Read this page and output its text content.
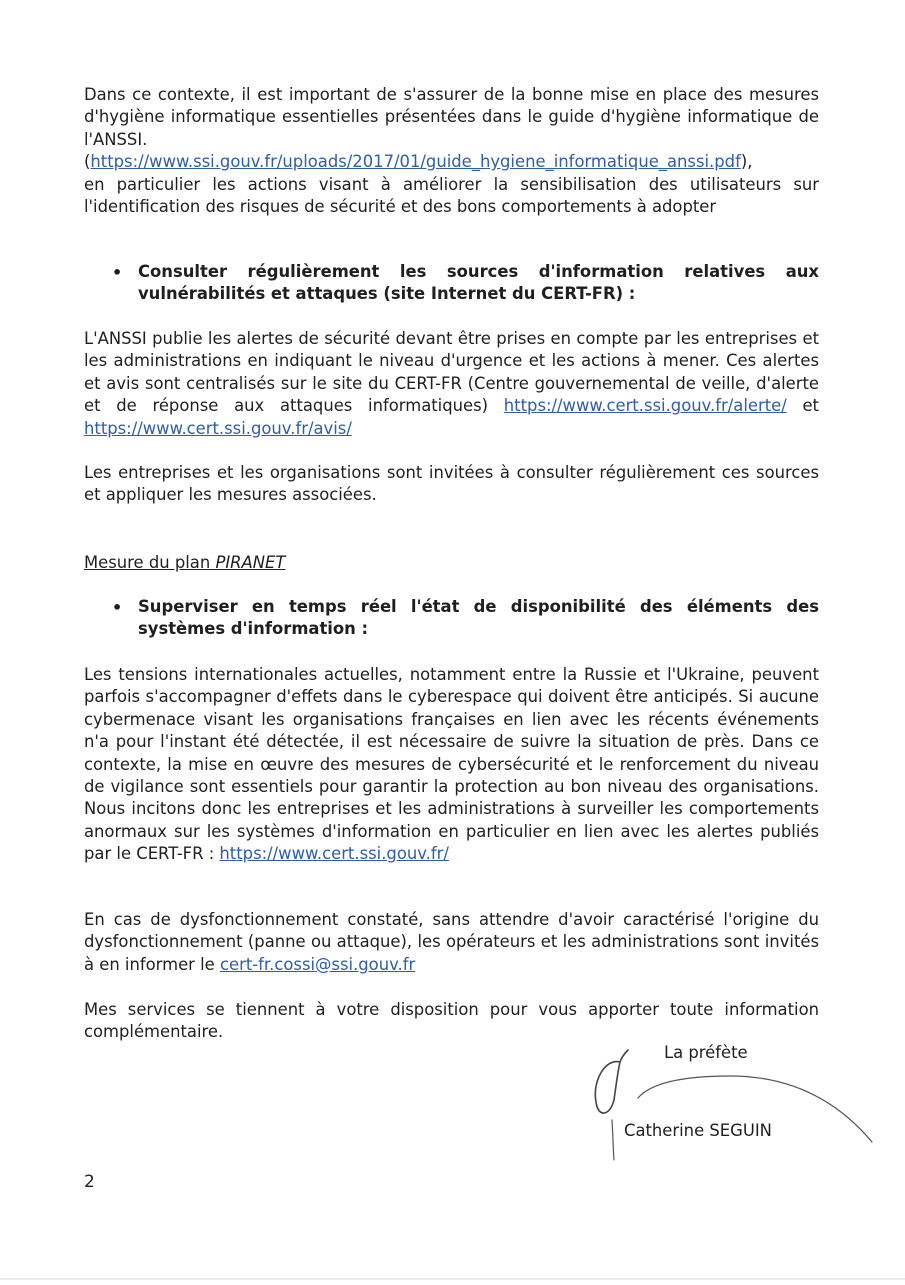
Dans ce contexte, il est important de s'assurer de la bonne mise en place des mesures d'hygiène informatique essentielles présentées dans le guide d'hygiène informatique de l'ANSSI.
(https://www.ssi.gouv.fr/uploads/2017/01/guide_hygiene_informatique_anssi.pdf),
en particulier les actions visant à améliorer la sensibilisation des utilisateurs sur l'identification des risques de sécurité et des bons comportements à adopter

• Consulter régulièrement les sources d'information relatives aux vulnérabilités et attaques (site Internet du CERT-FR) :

L'ANSSI publie les alertes de sécurité devant être prises en compte par les entreprises et les administrations en indiquant le niveau d'urgence et les actions à mener. Ces alertes et avis sont centralisés sur le site du CERT-FR (Centre gouvernemental de veille, d'alerte et de réponse aux attaques informatiques) https://www.cert.ssi.gouv.fr/alerte/ et https://www.cert.ssi.gouv.fr/avis/

Les entreprises et les organisations sont invitées à consulter régulièrement ces sources et appliquer les mesures associées.

Mesure du plan PIRANET
• Superviser en temps réel l'état de disponibilité des éléments des systèmes d'information :

Les tensions internationales actuelles, notamment entre la Russie et l'Ukraine, peuvent parfois s'accompagner d'effets dans le cyberespace qui doivent être anticipés. Si aucune cybermenace visant les organisations françaises en lien avec les récents événements n'a pour l'instant été détectée, il est nécessaire de suivre la situation de près. Dans ce contexte, la mise en œuvre des mesures de cybersécurité et le renforcement du niveau de vigilance sont essentiels pour garantir la protection au bon niveau des organisations. Nous incitons donc les entreprises et les administrations à surveiller les comportements anormaux sur les systèmes d'information en particulier en lien avec les alertes publiés par le CERT-FR : https://www.cert.ssi.gouv.fr/

En cas de dysfonctionnement constaté, sans attendre d'avoir caractérisé l'origine du dysfonctionnement (panne ou attaque), les opérateurs et les administrations sont invités à en informer le cert-fr.cossi@ssi.gouv.fr

Mes services se tiennent à votre disposition pour vous apporter toute information complémentaire.

La préfète
Catherine SEGUIN
2
